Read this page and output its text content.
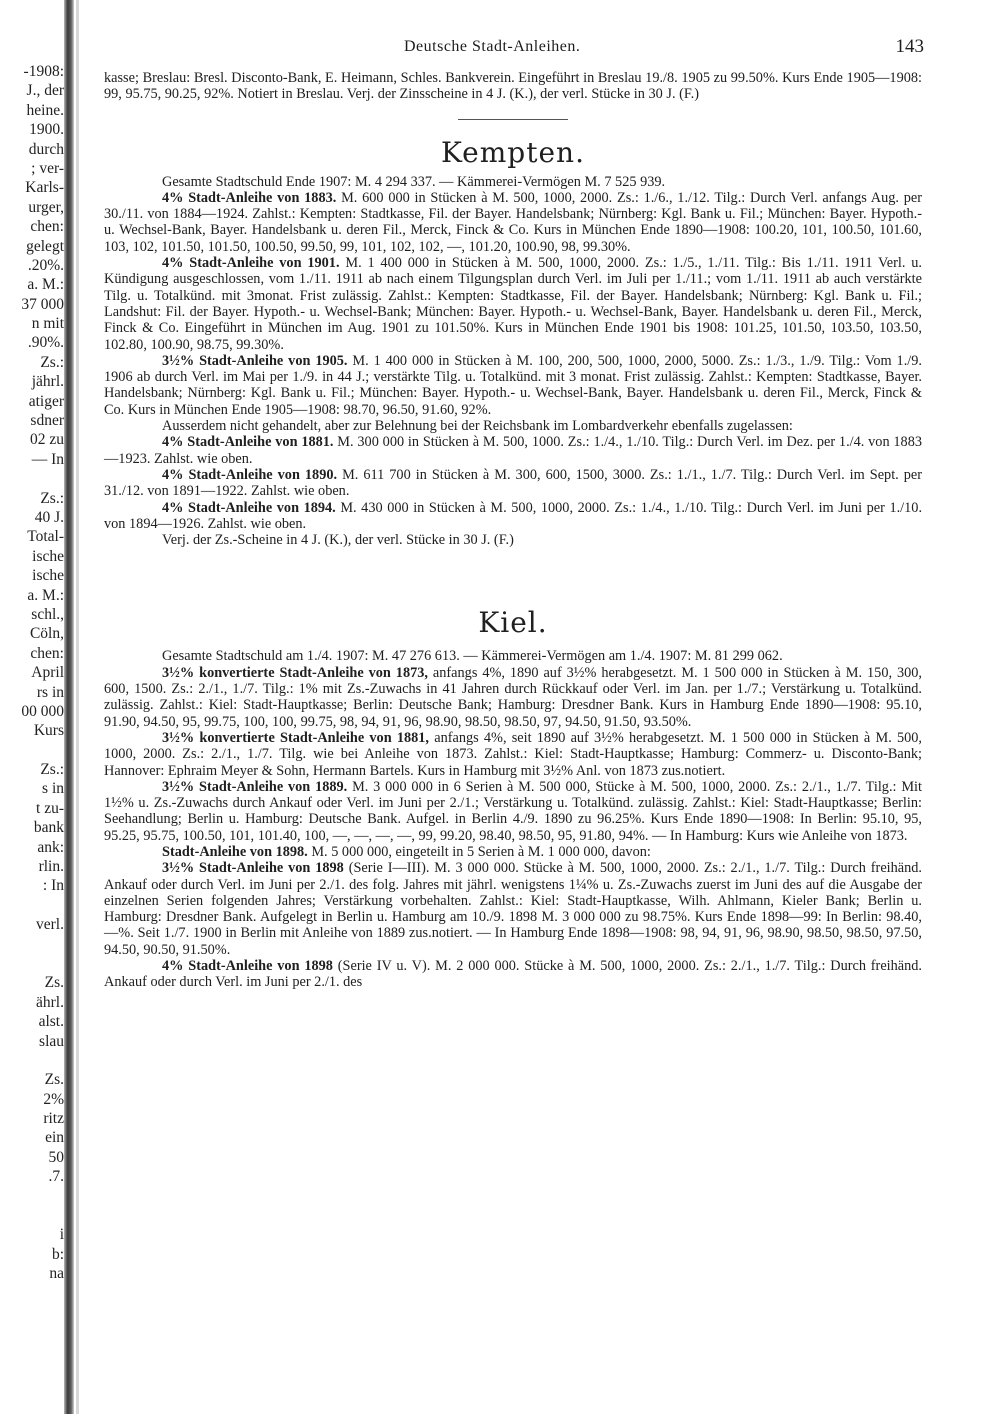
-1908:
J., der
heine.
1900.
durch
; ver-
Karls-
urger,
chen:
gelegt
.20%.
a. M.:
37 000
n mit
.90%.
Zs.:
jährl.
atiger
sdner
02 zu
— In
Zs.:
40 J.
Total-
ische
ische
a. M.:
schl.,
Cöln,
chen:
April
rs in
00 000
Kurs
Zs.:
s in
t zu-
bank
ank:
rlin.
: In
verl.
Zs.
ährl.
alst.
slau
Zs.
2%
ritz
ein
50
.7.
i
b:
na
Deutsche Stadt-Anleihen.	143

kasse; Breslau: Bresl. Disconto-Bank, E. Heimann, Schles. Bankverein. Eingeführt in Breslau 19./8. 1905 zu 99.50%. Kurs Ende 1905—1908: 99, 95.75, 90.25, 92%. Notiert in Breslau. Verj. der Zinsscheine in 4 J. (K.), der verl. Stücke in 30 J. (F.)

Kempten.

Gesamte Stadtschuld Ende 1907: M. 4 294 337. — Kämmerei-Vermögen M. 7 525 939.

4% Stadt-Anleihe von 1883. M. 600 000 in Stücken à M. 500, 1000, 2000. Zs.: 1./6., 1./12. Tilg.: Durch Verl. anfangs Aug. per 30./11. von 1884—1924. Zahlst.: Kempten: Stadtkasse, Fil. der Bayer. Handelsbank; Nürnberg: Kgl. Bank u. Fil.; München: Bayer. Hypoth.- u. Wechsel-Bank, Bayer. Handelsbank u. deren Fil., Merck, Finck & Co. Kurs in München Ende 1890—1908: 100.20, 101, 100.50, 101.60, 103, 102, 101.50, 101.50, 100.50, 99.50, 99, 101, 102, 102, —, 101.20, 100.90, 98, 99.30%.

4% Stadt-Anleihe von 1901. M. 1 400 000 in Stücken à M. 500, 1000, 2000. Zs.: 1./5., 1./11. Tilg.: Bis 1./11. 1911 Verl. u. Kündigung ausgeschlossen, vom 1./11. 1911 ab nach einem Tilgungsplan durch Verl. im Juli per 1./11.; vom 1./11. 1911 ab auch verstärkte Tilg. u. Totalkünd. mit 3monat. Frist zulässig. Zahlst.: Kempten: Stadtkasse, Fil. der Bayer. Handelsbank; Nürnberg: Kgl. Bank u. Fil.; Landshut: Fil. der Bayer. Hypoth.- u. Wechsel-Bank; München: Bayer. Hypoth.- u. Wechsel-Bank, Bayer. Handelsbank u. deren Fil., Merck, Finck & Co. Eingeführt in München im Aug. 1901 zu 101.50%. Kurs in München Ende 1901 bis 1908: 101.25, 101.50, 103.50, 103.50, 102.80, 100.90, 98.75, 99.30%.

3½% Stadt-Anleihe von 1905. M. 1 400 000 in Stücken à M. 100, 200, 500, 1000, 2000, 5000. Zs.: 1./3., 1./9. Tilg.: Vom 1./9. 1906 ab durch Verl. im Mai per 1./9. in 44 J.; verstärkte Tilg. u. Totalkünd. mit 3 monat. Frist zulässig. Zahlst.: Kempten: Stadtkasse, Bayer. Handelsbank; Nürnberg: Kgl. Bank u. Fil.; München: Bayer. Hypoth.- u. Wechsel-Bank, Bayer. Handelsbank u. deren Fil., Merck, Finck & Co. Kurs in München Ende 1905—1908: 98.70, 96.50, 91.60, 92%.

Ausserdem nicht gehandelt, aber zur Belehnung bei der Reichsbank im Lombardverkehr ebenfalls zugelassen:

4% Stadt-Anleihe von 1881. M. 300 000 in Stücken à M. 500, 1000. Zs.: 1./4., 1./10. Tilg.: Durch Verl. im Dez. per 1./4. von 1883—1923. Zahlst. wie oben.

4% Stadt-Anleihe von 1890. M. 611 700 in Stücken à M. 300, 600, 1500, 3000. Zs.: 1./1., 1./7. Tilg.: Durch Verl. im Sept. per 31./12. von 1891—1922. Zahlst. wie oben.

4% Stadt-Anleihe von 1894. M. 430 000 in Stücken à M. 500, 1000, 2000. Zs.: 1./4., 1./10. Tilg.: Durch Verl. im Juni per 1./10. von 1894—1926. Zahlst. wie oben.

Verj. der Zs.-Scheine in 4 J. (K.), der verl. Stücke in 30 J. (F.)

Kiel.

Gesamte Stadtschuld am 1./4. 1907: M. 47 276 613. — Kämmerei-Vermögen am 1./4. 1907: M. 81 299 062.

3½% konvertierte Stadt-Anleihe von 1873, anfangs 4%, 1890 auf 3½% herabgesetzt. M. 1 500 000 in Stücken à M. 150, 300, 600, 1500. Zs.: 2./1., 1./7. Tilg.: 1% mit Zs.-Zuwachs in 41 Jahren durch Rückkauf oder Verl. im Jan. per 1./7.; Verstärkung u. Totalkünd. zulässig. Zahlst.: Kiel: Stadt-Hauptkasse; Berlin: Deutsche Bank; Hamburg: Dresdner Bank. Kurs in Hamburg Ende 1890—1908: 95.10, 91.90, 94.50, 95, 99.75, 100, 100, 99.75, 98, 94, 91, 96, 98.90, 98.50, 98.50, 97, 94.50, 91.50, 93.50%.

3½% konvertierte Stadt-Anleihe von 1881, anfangs 4%, seit 1890 auf 3½% herabgesetzt. M. 1 500 000 in Stücken à M. 500, 1000, 2000. Zs.: 2./1., 1./7. Tilg. wie bei Anleihe von 1873. Zahlst.: Kiel: Stadt-Hauptkasse; Hamburg: Commerz- u. Disconto-Bank; Hannover: Ephraim Meyer & Sohn, Hermann Bartels. Kurs in Hamburg mit 3½% Anl. von 1873 zus.notiert.

3½% Stadt-Anleihe von 1889. M. 3 000 000 in 6 Serien à M. 500 000, Stücke à M. 500, 1000, 2000. Zs.: 2./1., 1./7. Tilg.: Mit 1½% u. Zs.-Zuwachs durch Ankauf oder Verl. im Juni per 2./1.; Verstärkung u. Totalkünd. zulässig. Zahlst.: Kiel: Stadt-Hauptkasse; Berlin: Seehandlung; Berlin u. Hamburg: Deutsche Bank. Aufgel. in Berlin 4./9. 1890 zu 96.25%. Kurs Ende 1890—1908: In Berlin: 95.10, 95, 95.25, 95.75, 100.50, 101, 101.40, 100, —, —, —, —, 99, 99.20, 98.40, 98.50, 95, 91.80, 94%. — In Hamburg: Kurs wie Anleihe von 1873.

Stadt-Anleihe von 1898. M. 5 000 000, eingeteilt in 5 Serien à M. 1 000 000, davon:

3½% Stadt-Anleihe von 1898 (Serie I—III). M. 3 000 000. Stücke à M. 500, 1000, 2000. Zs.: 2./1., 1./7. Tilg.: Durch freihänd. Ankauf oder durch Verl. im Juni per 2./1. des folg. Jahres mit jährl. wenigstens 1¼% u. Zs.-Zuwachs zuerst im Juni des auf die Ausgabe der einzelnen Serien folgenden Jahres; Verstärkung vorbehalten. Zahlst.: Kiel: Stadt-Hauptkasse, Wilh. Ahlmann, Kieler Bank; Berlin u. Hamburg: Dresdner Bank. Aufgelegt in Berlin u. Hamburg am 10./9. 1898 M. 3 000 000 zu 98.75%. Kurs Ende 1898—99: In Berlin: 98.40, —%. Seit 1./7. 1900 in Berlin mit Anleihe von 1889 zus.notiert. — In Hamburg Ende 1898—1908: 98, 94, 91, 96, 98.90, 98.50, 98.50, 97.50, 94.50, 90.50, 91.50%.

4% Stadt-Anleihe von 1898 (Serie IV u. V). M. 2 000 000. Stücke à M. 500, 1000, 2000. Zs.: 2./1., 1./7. Tilg.: Durch freihänd. Ankauf oder durch Verl. im Juni per 2./1. des
